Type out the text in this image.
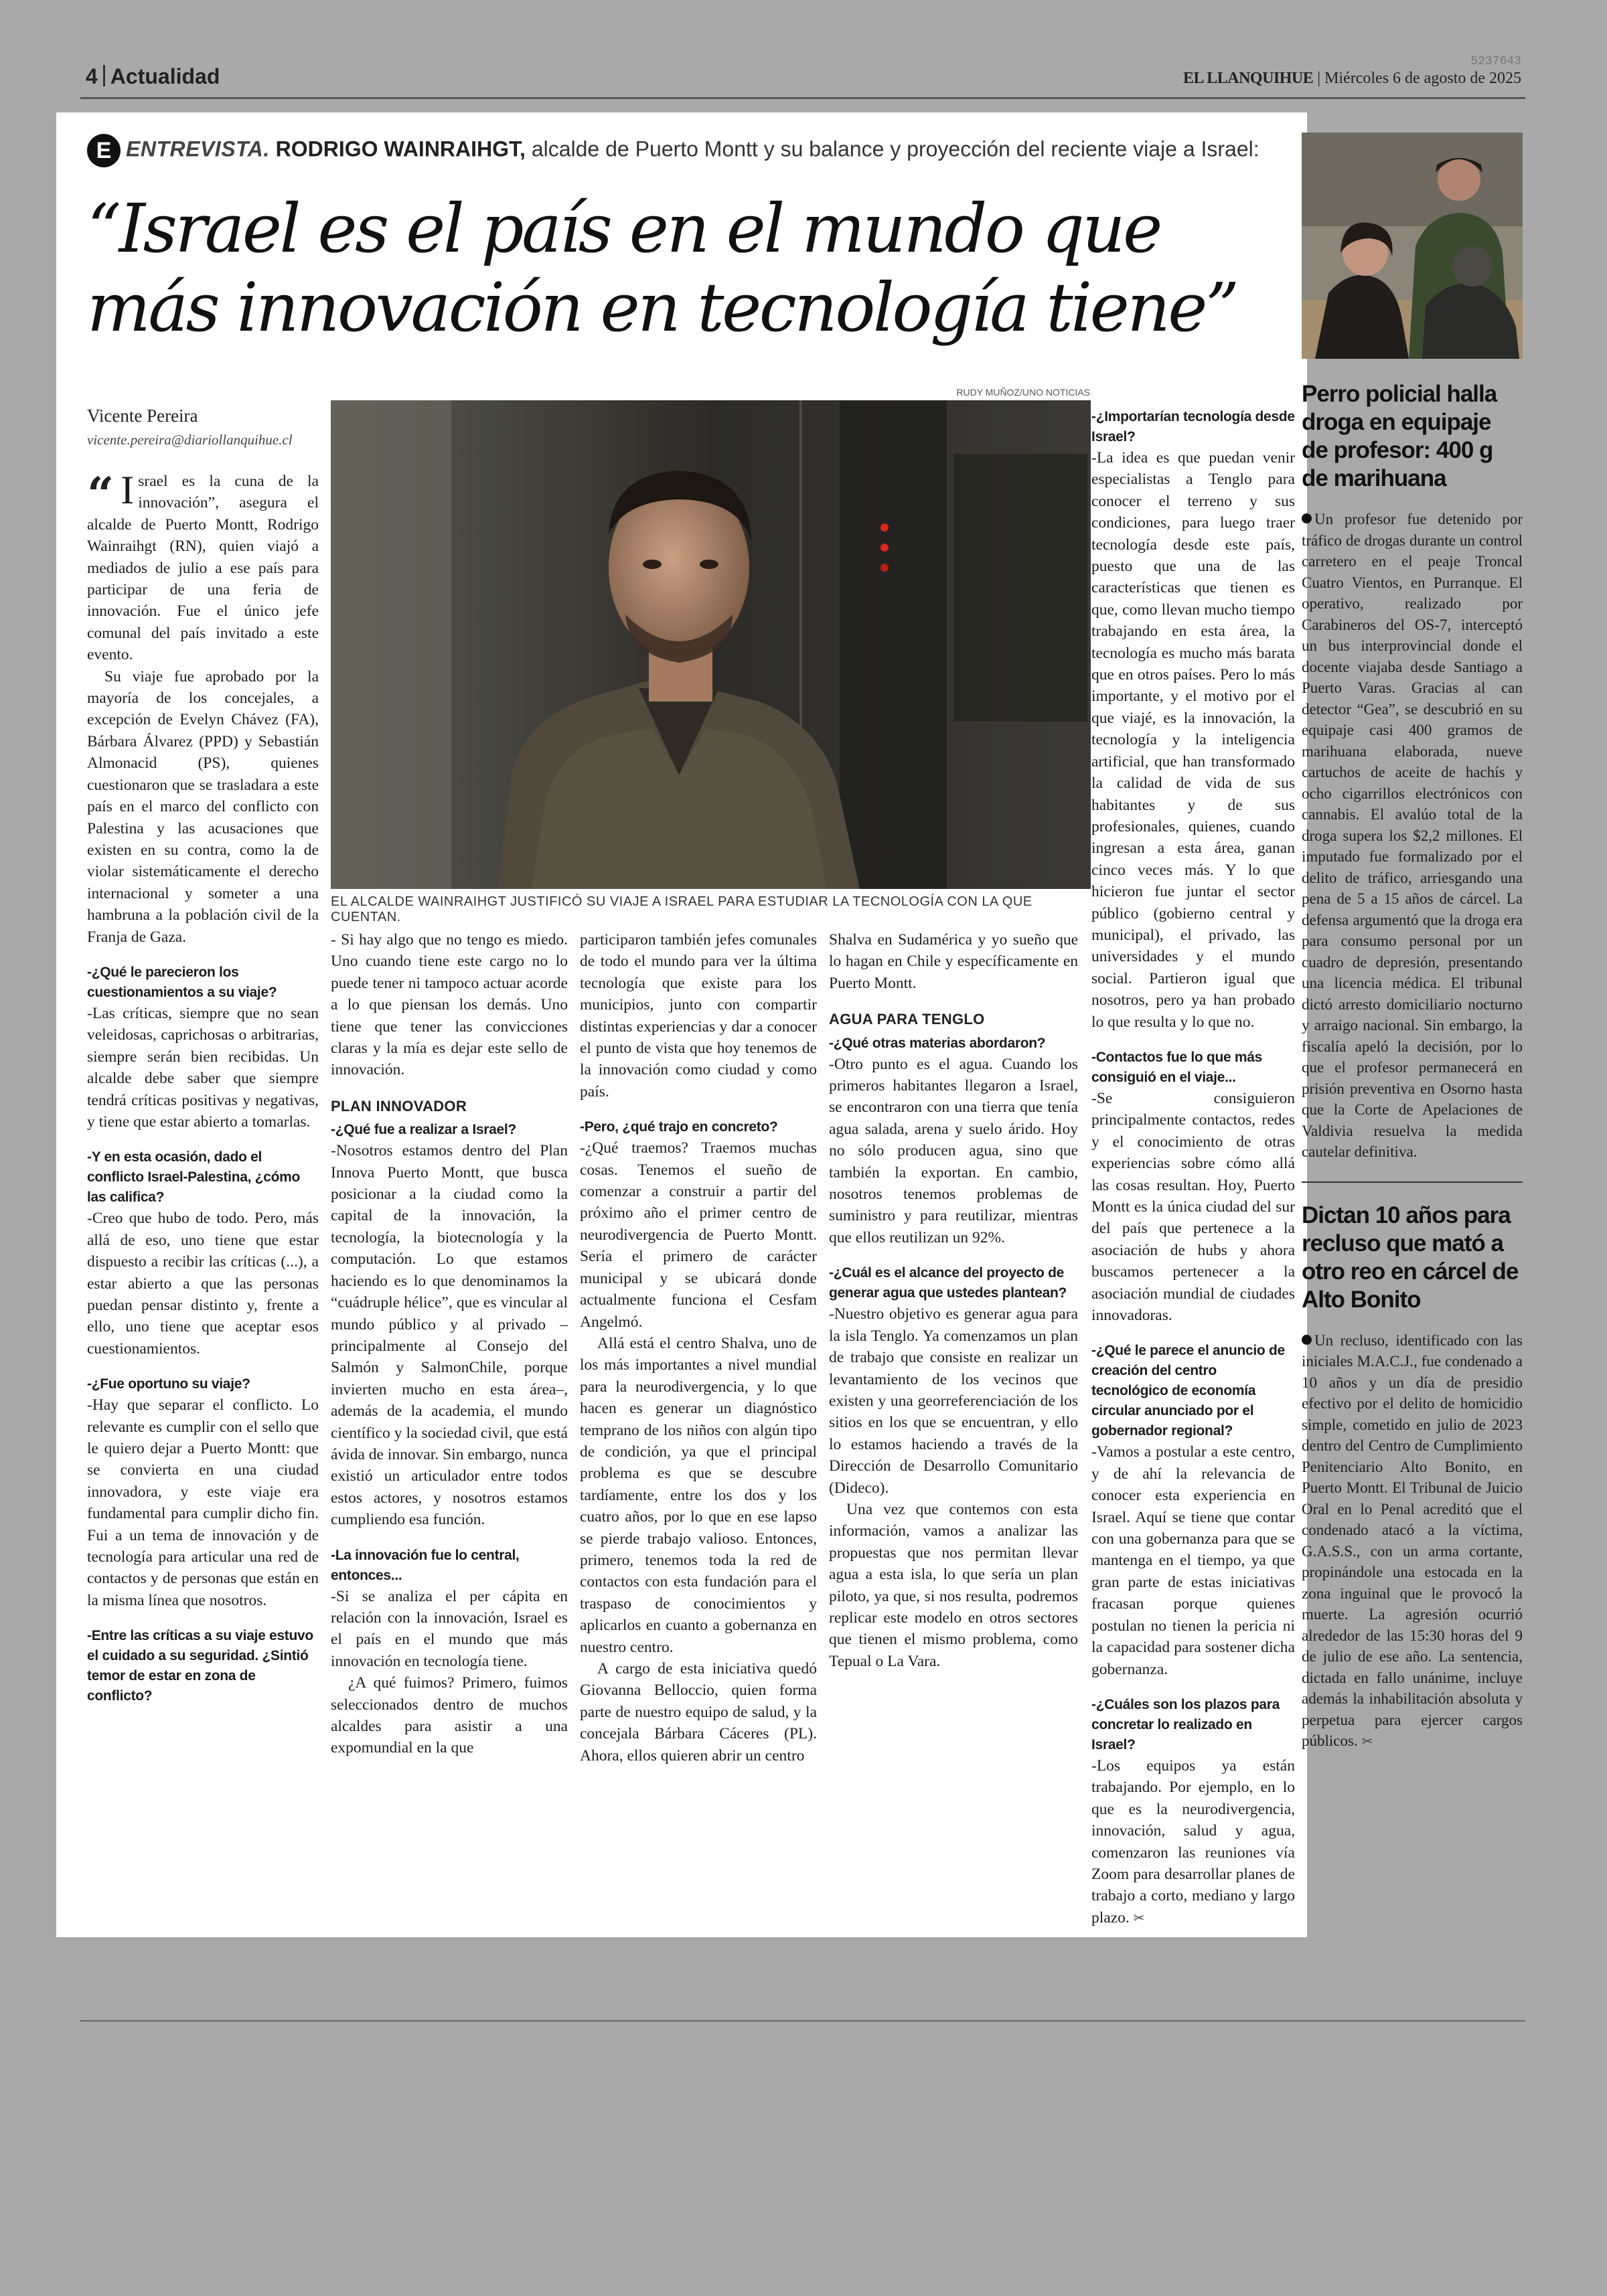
4 Actualidad
5237643
EL LLANQUIHUE | Miércoles 6 de agosto de 2025
E ENTREVISTA. RODRIGO WAINRAIHGT, alcalde de Puerto Montt y su balance y proyección del reciente viaje a Israel:
“Israel es el país en el mundo que
más innovación en tecnología tiene”
Vicente Pereira
vicente.pereira@diariollanquihue.cl
RUDY MUÑOZ/UNO NOTICIAS
EL ALCALDE WAINRAIHGT JUSTIFICÓ SU VIAJE A ISRAEL PARA ESTUDIAR LA TECNOLOGÍA CON LA QUE CUENTAN.

“ I srael es la cuna de la innovación”, asegura el alcalde de Puerto Montt, Rodrigo Wainraihgt (RN), quien viajó a mediados de julio a ese país para participar de una feria de innovación. Fue el único jefe comunal del país invitado a este evento.

Su viaje fue aprobado por la mayoría de los concejales, a excepción de Evelyn Chávez (FA), Bárbara Álvarez (PPD) y Sebastián Almonacid (PS), quienes cuestionaron que se trasladara a este país en el marco del conflicto con Palestina y las acusaciones que existen en su contra, como la de violar sistemáticamente el derecho internacional y someter a una hambruna a la población civil de la Franja de Gaza.

-¿Qué le parecieron los cuestionamientos a su viaje?

-Las críticas, siempre que no sean veleidosas, caprichosas o arbitrarias, siempre serán bien recibidas. Un alcalde debe saber que siempre tendrá críticas positivas y negativas, y tiene que estar abierto a tomarlas.

-Y en esta ocasión, dado el conflicto Israel-Palestina, ¿cómo las califica?

-Creo que hubo de todo. Pero, más allá de eso, uno tiene que estar dispuesto a recibir las críticas (...), a estar abierto a que las personas puedan pensar distinto y, frente a ello, uno tiene que aceptar esos cuestionamientos.

-¿Fue oportuno su viaje?

-Hay que separar el conflicto. Lo relevante es cumplir con el sello que le quiero dejar a Puerto Montt: que se convierta en una ciudad innovadora, y este viaje era fundamental para cumplir dicho fin. Fui a un tema de innovación y de tecnología para articular una red de contactos y de personas que están en la misma línea que nosotros.

-Entre las críticas a su viaje estuvo el cuidado a su seguridad. ¿Sintió temor de estar en zona de conflicto?

- Si hay algo que no tengo es miedo. Uno cuando tiene este cargo no lo puede tener ni tampoco actuar acorde a lo que piensan los demás. Uno tiene que tener las convicciones claras y la mía es dejar este sello de innovación.

PLAN INNOVADOR

-¿Qué fue a realizar a Israel?

-Nosotros estamos dentro del Plan Innova Puerto Montt, que busca posicionar a la ciudad como la capital de la innovación, la tecnología, la biotecnología y la computación. Lo que estamos haciendo es lo que denominamos la “cuádruple hélice”, que es vincular al mundo público y al privado –principalmente al Consejo del Salmón y SalmonChile, porque invierten mucho en esta área–, además de la academia, el mundo científico y la sociedad civil, que está ávida de innovar. Sin embargo, nunca existió un articulador entre todos estos actores, y nosotros estamos cumpliendo esa función.

-La innovación fue lo central, entonces...

-Si se analiza el per cápita en relación con la innovación, Israel es el país en el mundo que más innovación en tecnología tiene.

¿A qué fuimos? Primero, fuimos seleccionados dentro de muchos alcaldes para asistir a una expomundial en la que

participaron también jefes comunales de todo el mundo para ver la última tecnología que existe para los municipios, junto con compartir distintas experiencias y dar a conocer el punto de vista que hoy tenemos de la innovación como ciudad y como país.

-Pero, ¿qué trajo en concreto?

-¿Qué traemos? Traemos muchas cosas. Tenemos el sueño de comenzar a construir a partir del próximo año el primer centro de neurodivergencia de Puerto Montt. Sería el primero de carácter municipal y se ubicará donde actualmente funciona el Cesfam Angelmó.

Allá está el centro Shalva, uno de los más importantes a nivel mundial para la neurodivergencia, y lo que hacen es generar un diagnóstico temprano de los niños con algún tipo de condición, ya que el principal problema es que se descubre tardíamente, entre los dos y los cuatro años, por lo que en ese lapso se pierde trabajo valioso. Entonces, primero, tenemos toda la red de contactos con esta fundación para el traspaso de conocimientos y aplicarlos en cuanto a gobernanza en nuestro centro.

A cargo de esta iniciativa quedó Giovanna Belloccio, quien forma parte de nuestro equipo de salud, y la concejala Bárbara Cáceres (PL). Ahora, ellos quieren abrir un centro

Shalva en Sudamérica y yo sueño que lo hagan en Chile y específicamente en Puerto Montt.

AGUA PARA TENGLO

-¿Qué otras materias abordaron?

-Otro punto es el agua. Cuando los primeros habitantes llegaron a Israel, se encontraron con una tierra que tenía agua salada, arena y suelo árido. Hoy no sólo producen agua, sino que también la exportan. En cambio, nosotros tenemos problemas de suministro y para reutilizar, mientras que ellos reutilizan un 92%.

-¿Cuál es el alcance del proyecto de generar agua que ustedes plantean?

-Nuestro objetivo es generar agua para la isla Tenglo. Ya comenzamos un plan de trabajo que consiste en realizar un levantamiento de los vecinos que existen y una georreferenciación de los sitios en los que se encuentran, y ello lo estamos haciendo a través de la Dirección de Desarrollo Comunitario (Dideco).

Una vez que contemos con esta información, vamos a analizar las propuestas que nos permitan llevar agua a esta isla, lo que sería un plan piloto, ya que, si nos resulta, podremos replicar este modelo en otros sectores que tienen el mismo problema, como Tepual o La Vara.

-¿Importarían tecnología desde Israel?

-La idea es que puedan venir especialistas a Tenglo para conocer el terreno y sus condiciones, para luego traer tecnología desde este país, puesto que una de las características que tienen es que, como llevan mucho tiempo trabajando en esta área, la tecnología es mucho más barata que en otros países. Pero lo más importante, y el motivo por el que viajé, es la innovación, la tecnología y la inteligencia artificial, que han transformado la calidad de vida de sus habitantes y de sus profesionales, quienes, cuando ingresan a esta área, ganan cinco veces más. Y lo que hicieron fue juntar el sector público (gobierno central y municipal), el privado, las universidades y el mundo social. Partieron igual que nosotros, pero ya han probado lo que resulta y lo que no.

-Contactos fue lo que más consiguió en el viaje...

-Se consiguieron principalmente contactos, redes y el conocimiento de otras experiencias sobre cómo allá las cosas resultan. Hoy, Puerto Montt es la única ciudad del sur del país que pertenece a la asociación de hubs y ahora buscamos pertenecer a la asociación mundial de ciudades innovadoras.

-¿Qué le parece el anuncio de creación del centro tecnológico de economía circular anunciado por el gobernador regional?

-Vamos a postular a este centro, y de ahí la relevancia de conocer esta experiencia en Israel. Aquí se tiene que contar con una gobernanza para que se mantenga en el tiempo, ya que gran parte de estas iniciativas fracasan porque quienes postulan no tienen la pericia ni la capacidad para sostener dicha gobernanza.

-¿Cuáles son los plazos para concretar lo realizado en Israel?

-Los equipos ya están trabajando. Por ejemplo, en lo que es la neurodivergencia, innovación, salud y agua, comenzaron las reuniones vía Zoom para desarrollar planes de trabajo a corto, mediano y largo plazo. ✂

Perro policial halla droga en equipaje de profesor: 400 g de marihuana
Un profesor fue detenido por tráfico de drogas durante un control carretero en el peaje Troncal Cuatro Vientos, en Purranque. El operativo, realizado por Carabineros del OS-7, interceptó un bus interprovincial donde el docente viajaba desde Santiago a Puerto Varas. Gracias al can detector “Gea”, se descubrió en su equipaje casi 400 gramos de marihuana elaborada, nueve cartuchos de aceite de hachís y ocho cigarrillos electrónicos con cannabis. El avalúo total de la droga supera los $2,2 millones. El imputado fue formalizado por el delito de tráfico, arriesgando una pena de 5 a 15 años de cárcel. La defensa argumentó que la droga era para consumo personal por un cuadro de depresión, presentando una licencia médica. El tribunal dictó arresto domiciliario nocturno y arraigo nacional. Sin embargo, la fiscalía apeló la decisión, por lo que el profesor permanecerá en prisión preventiva en Osorno hasta que la Corte de Apelaciones de Valdivia resuelva la medida cautelar definitiva.
Dictan 10 años para recluso que mató a otro reo en cárcel de Alto Bonito
Un recluso, identificado con las iniciales M.A.C.J., fue condenado a 10 años y un día de presidio efectivo por el delito de homicidio simple, cometido en julio de 2023 dentro del Centro de Cumplimiento Penitenciario Alto Bonito, en Puerto Montt. El Tribunal de Juicio Oral en lo Penal acreditó que el condenado atacó a la víctima, G.A.S.S., con un arma cortante, propinándole una estocada en la zona inguinal que le provocó la muerte. La agresión ocurrió alrededor de las 15:30 horas del 9 de julio de ese año. La sentencia, dictada en fallo unánime, incluye además la inhabilitación absoluta y perpetua para ejercer cargos públicos. ✂
